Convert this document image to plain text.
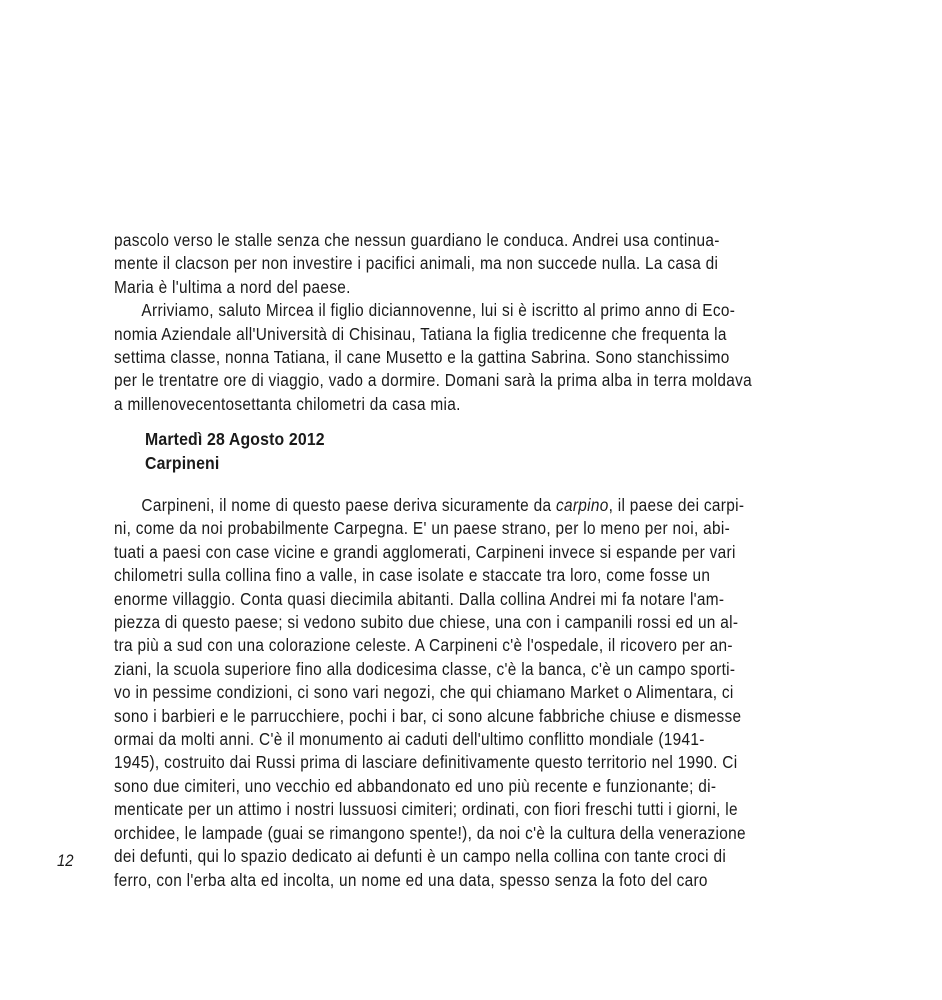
pascolo verso le stalle senza che nessun guardiano le conduca. Andrei usa continua-
mente il clacson per non investire i pacifici animali, ma non succede nulla. La casa di
Maria è l'ultima a nord del paese.
Arriviamo, saluto Mircea il figlio diciannovenne, lui si è iscritto al primo anno di Eco-
nomia Aziendale all'Università di Chisinau, Tatiana la figlia tredicenne che frequenta la
settima classe, nonna Tatiana, il cane Musetto e la gattina Sabrina. Sono stanchissimo
per le trentatre ore di viaggio, vado a dormire. Domani sarà la prima alba in terra moldava
a millenovecentosettanta chilometri da casa mia.
Martedì 28 Agosto 2012
Carpineni
Carpineni, il nome di questo paese deriva sicuramente da carpino, il paese dei carpi-
ni, come da noi probabilmente Carpegna. E' un paese strano, per lo meno per noi, abi-
tuati a paesi con case vicine e grandi agglomerati, Carpineni invece si espande per vari
chilometri sulla collina fino a valle, in case isolate e staccate tra loro, come fosse un
enorme villaggio. Conta quasi diecimila abitanti. Dalla collina Andrei mi fa notare l'am-
piezza di questo paese; si vedono subito due chiese, una con i campanili rossi ed un al-
tra più a sud con una colorazione celeste. A Carpineni c'è l'ospedale, il ricovero per an-
ziani, la scuola superiore fino alla dodicesima classe, c'è la banca, c'è un campo sporti-
vo in pessime condizioni, ci sono vari negozi, che qui chiamano Market o Alimentara, ci
sono i barbieri e le parrucchiere, pochi i bar, ci sono alcune fabbriche chiuse e dismesse
ormai da molti anni. C'è il monumento ai caduti dell'ultimo conflitto mondiale (1941-
1945), costruito dai Russi prima di lasciare definitivamente questo territorio nel 1990. Ci
sono due cimiteri, uno vecchio ed abbandonato ed uno più recente e funzionante; di-
menticate per un attimo i nostri lussuosi cimiteri; ordinati, con fiori freschi tutti i giorni, le
orchidee, le lampade (guai se rimangono spente!), da noi c'è la cultura della venerazione
dei defunti, qui lo spazio dedicato ai defunti è un campo nella collina con tante croci di
ferro, con l'erba alta ed incolta, un nome ed una data, spesso senza la foto del caro
12
